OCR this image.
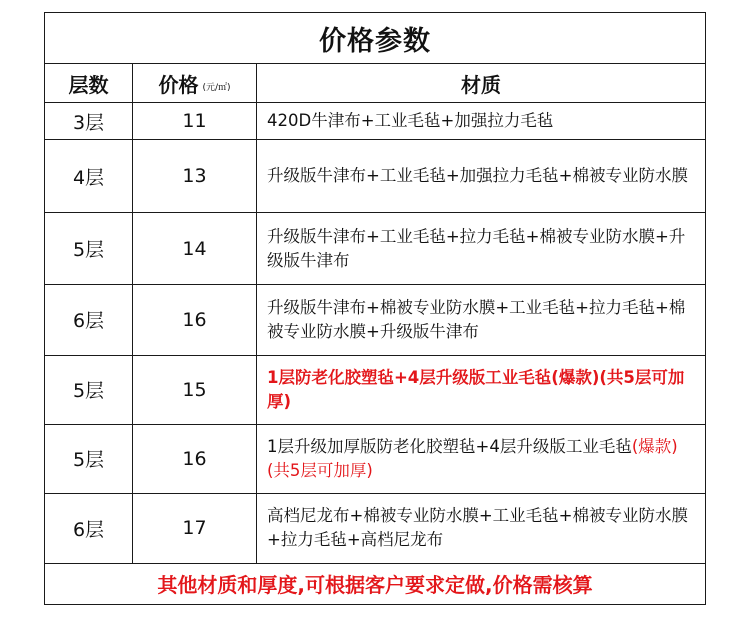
价格参数		
层数	价格 (元/㎡)	材质
3层	11	420D牛津布+工业毛毡+加强拉力毛毡
4层	13	升级版牛津布+工业毛毡+加强拉力毛毡+棉被专业防水膜
5层	14	升级版牛津布+工业毛毡+拉力毛毡+棉被专业防水膜+升级版牛津布
6层	16	升级版牛津布+棉被专业防水膜+工业毛毡+拉力毛毡+棉被专业防水膜+升级版牛津布
5层	15	1层防老化胶塑毡+4层升级版工业毛毡(爆款)(共5层可加厚)
5层	16	1层升级加厚版防老化胶塑毡+4层升级版工业毛毡(爆款)(共5层可加厚)
6层	17	高档尼龙布+棉被专业防水膜+工业毛毡+棉被专业防水膜+拉力毛毡+高档尼龙布
其他材质和厚度,可根据客户要求定做,价格需核算		
